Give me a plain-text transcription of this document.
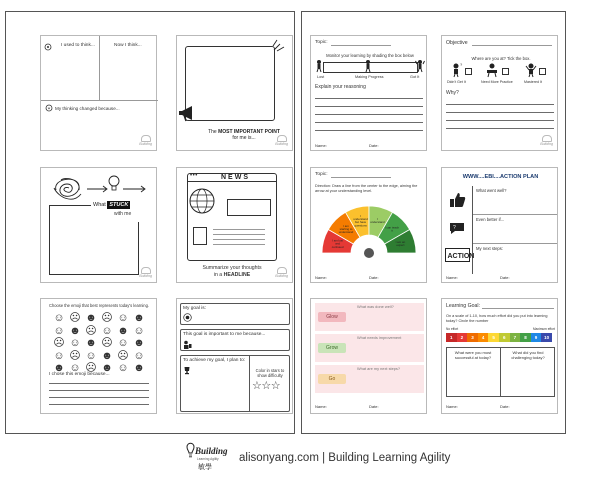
I used to think...	Now I think...
My thinking changed because...
Building
The MOST IMPORTANT POINT
for me is...
Building
What STUCK
with me
Building
•••	NEWS
Summarize your thoughts
in a HEADLINE	Building
Choose the emoji that best represents today's learning.
☺ ☹ ☻ ☹ ☺ ☻
☺ ☻ ☹ ☺ ☻ ☺
☹ ☺ ☻ ☹ ☺ ☻
☺ ☹ ☺ ☻ ☹ ☺
☻ ☺ ☹ ☻ ☺ ☻
I chose this emoji because...
My goal is:
This goal is important to me because...
To achieve my goal, I plan to:
Color in stars to show difficulty
☆☆☆
Topic:
Monitor your learning by shading the box below
Lost	Making Progress	Got It
Explain your reasoning
Name:	Date:
Objective
Where are you at? Tick the box.
?
Didn't Get It	Need More Practice	Mastered It
Why?
Building
Topic:
Direction: Draw a line from the center to the edge, aiming the arrow at your understanding level.
I am lost and confused
I am starting to understand
I understand but have questions
I understand
I can teach it
I am an expert
Name:	Date:
WWW....EBI....ACTION PLAN
?
ACTION
What went well?
Even better if...
My next steps:
Name:	Date:
What was done well?
What needs improvement
What are my next steps?
Glow
Grow
Go
Name:	Date:
Learning Goal:
On a scale of 1-10, how much effort did you put into learning today? Circle the number
No effort	Maximum effort
1	2	3	4	5	6	7	8	9	10
What were you most successful at today?
What did you find challenging today?
Name:	Date:
Building
Learning Agility
敏學
alisonyang.com | Building Learning Agility
